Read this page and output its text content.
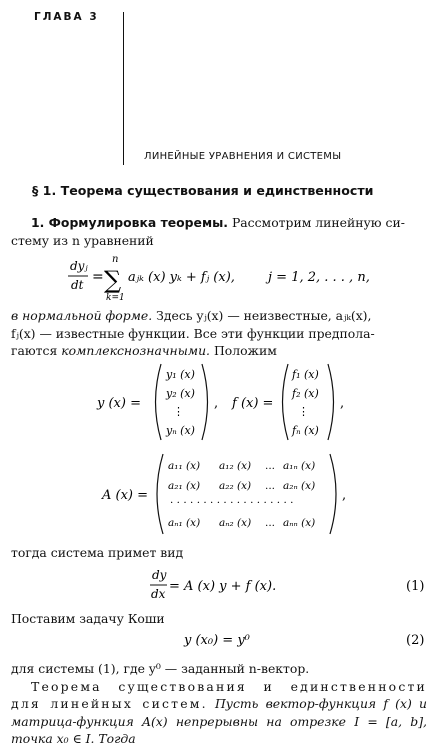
ГЛАВА 3
ЛИНЕЙНЫЕ УРАВНЕНИЯ И СИСТЕМЫ
§ 1. Теорема существования и единственности
1. Формулировка теоремы. Рассмотрим линейную си-
стему из n уравнений
dyⱼ
dt =
n
∑
k=1
aⱼₖ (x) yₖ + fⱼ (x),	j = 1, 2, . . . , n,
в нормальной форме. Здесь yⱼ(x) — неизвестные, aⱼₖ(x),
fⱼ(x) — известные функции. Все эти функции предпола-
гаются комплекснозначными. Положим
y (x) =
y₁ (x)
y₂ (x)
⋮
yₙ (x)
, f (x) =
f₁ (x)
f₂ (x)
⋮
fₙ (x)
,
A (x) =
a₁₁ (x) a₁₂ (x) ... a₁ₙ (x)
a₂₁ (x) a₂₂ (x) ... a₂ₙ (x)
· · · · · · · · · · · · · · · · · · ·
aₙ₁ (x) aₙ₂ (x) ... aₙₙ (x)
,
тогда система примет вид
dy
dx = A (x) y + f (x).	(1)
Поставим задачу Коши
y (x₀) = y⁰	(2)
для системы (1), где y⁰ — заданный n-вектор.
Теорема существования и единственности для линейных систем. Пусть вектор-функция f (x) и матрица-функция A(x) непрерывны на отрезке I = [a, b], точка x₀ ∈ I. Тогда
